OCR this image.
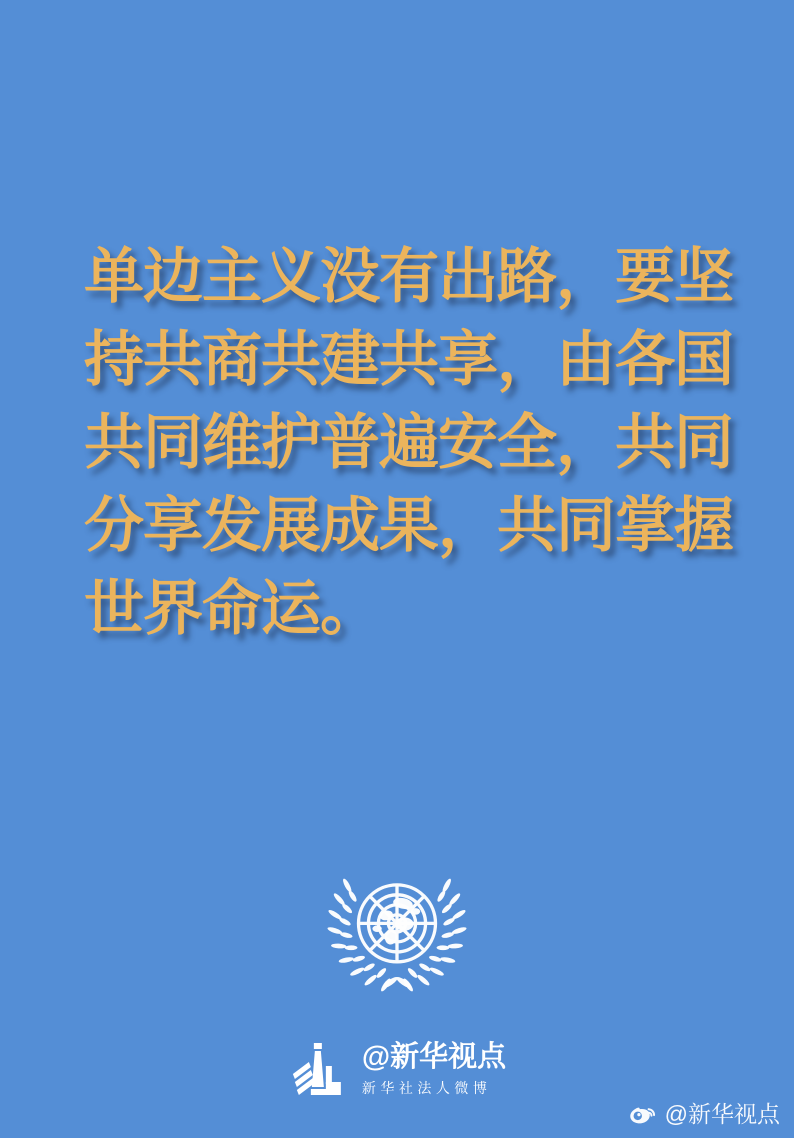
单边主义没有出路，要坚
持共商共建共享，由各国
共同维护普遍安全，共同
分享发展成果，共同掌握
世界命运。
@新华视点
新华社法人微博
@新华视点
